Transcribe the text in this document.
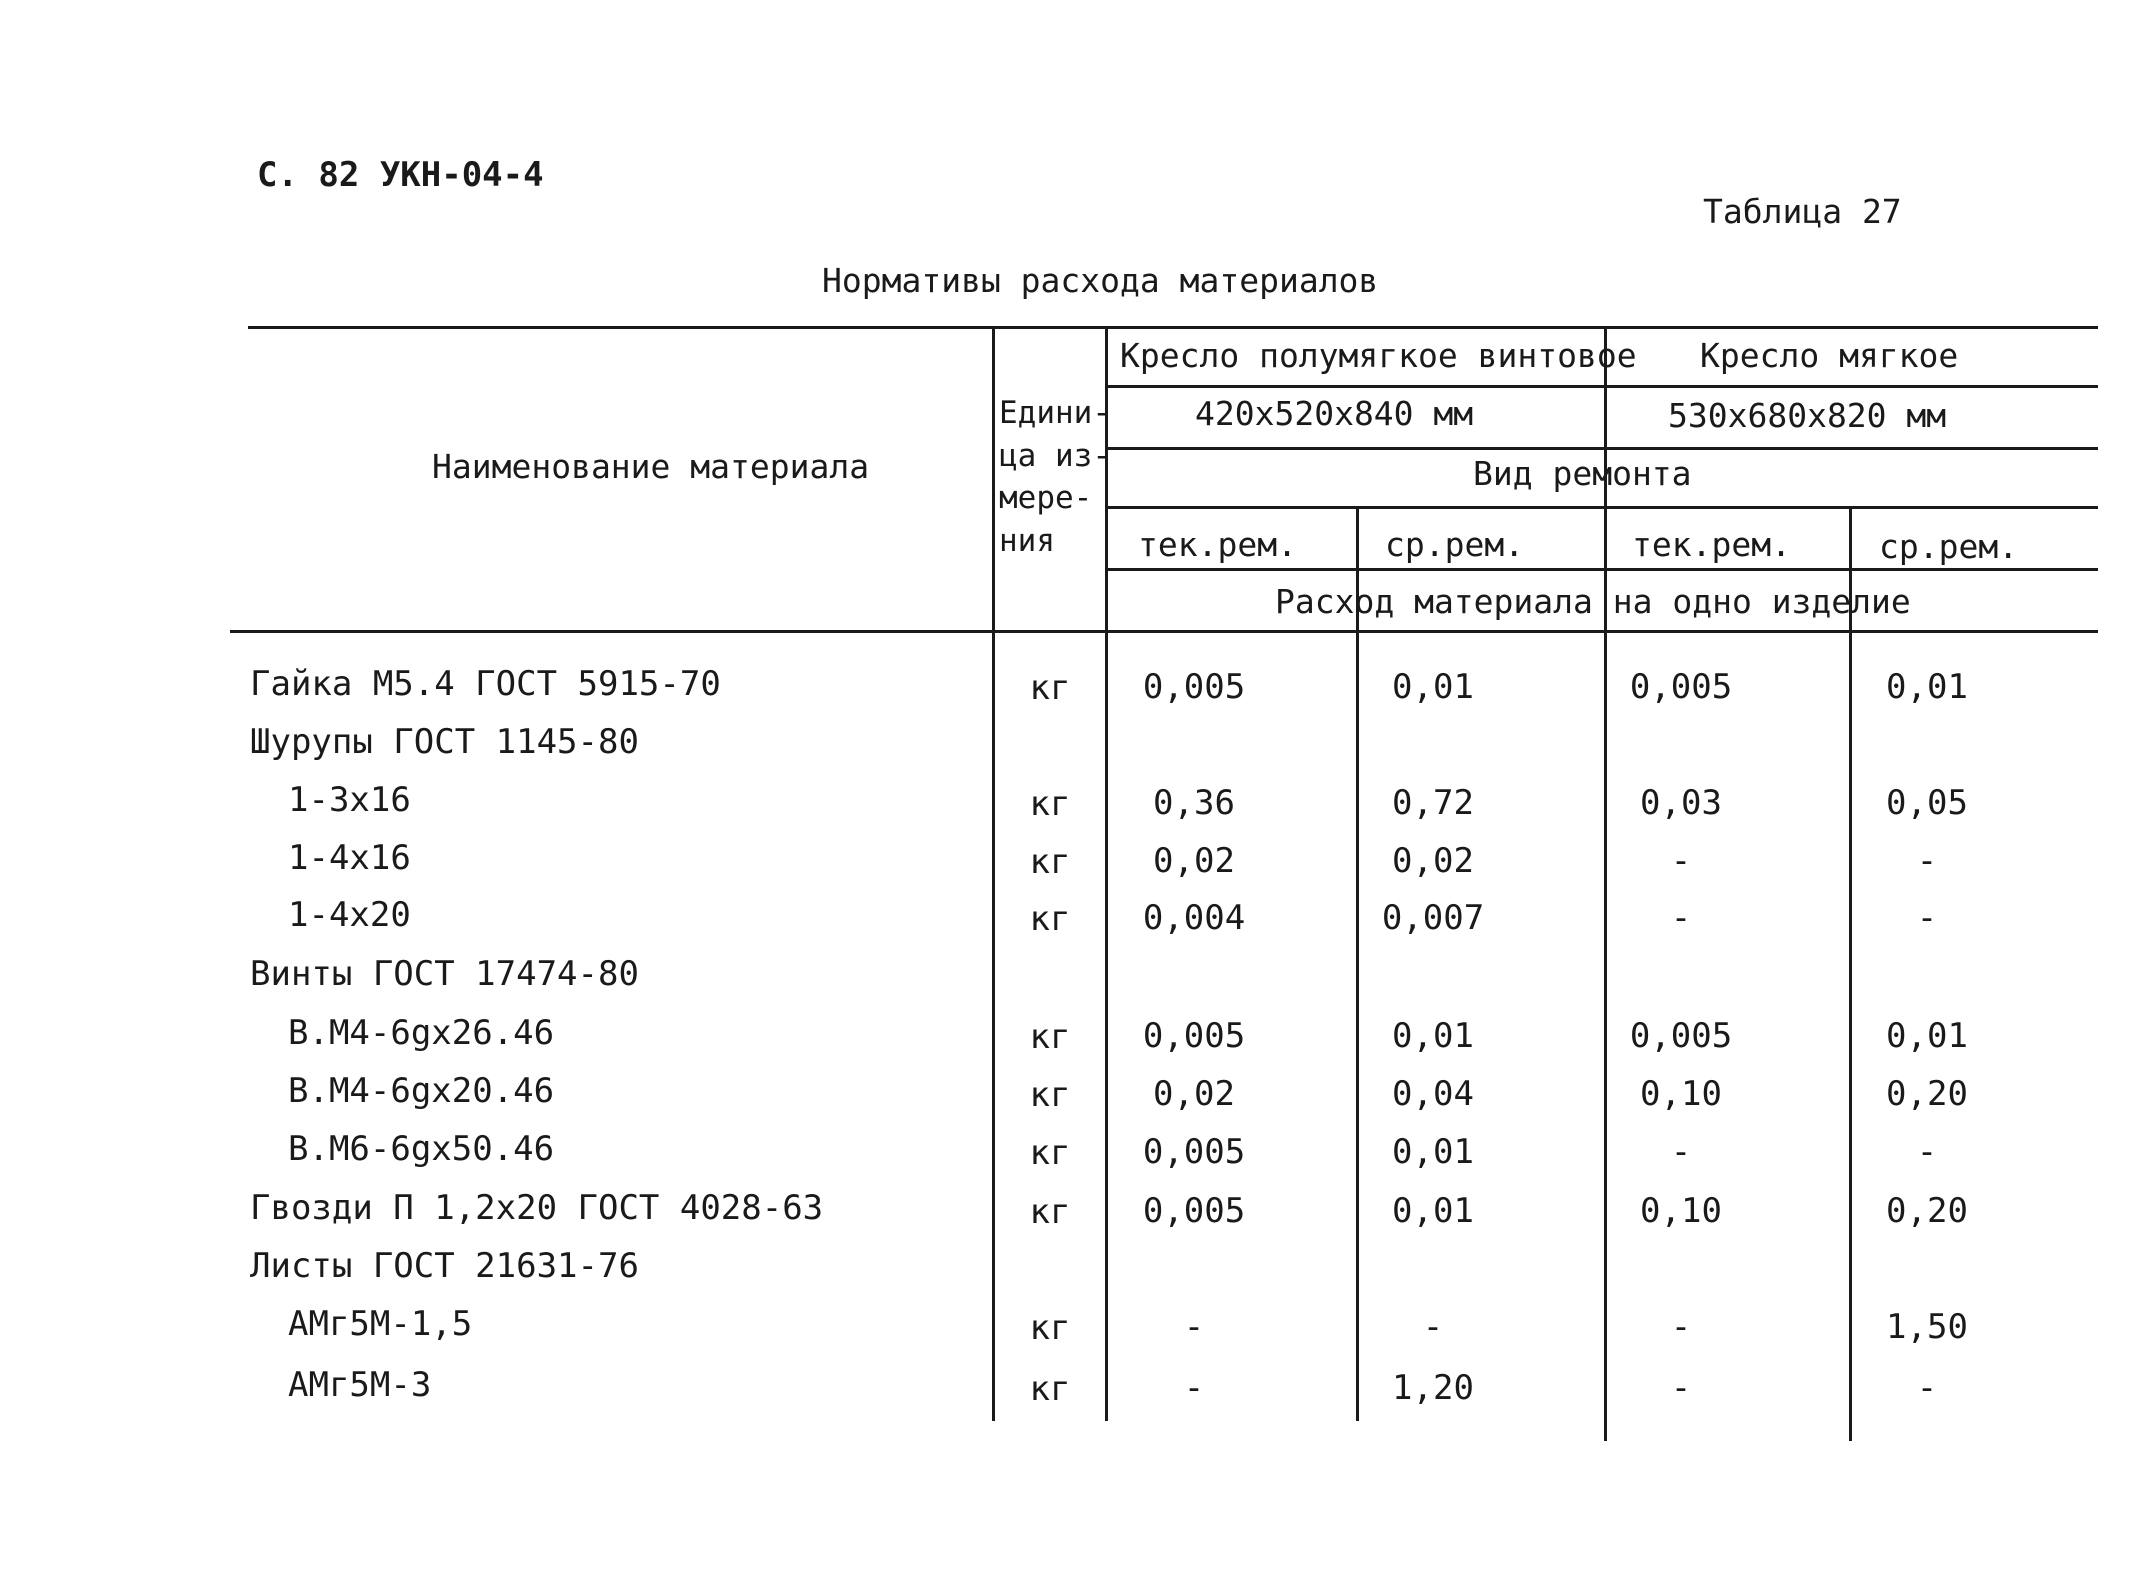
С. 82 УКН-04-4
Таблица 27
Нормативы расхода материалов
Наименование материала
Едини-
ца из-
мере-
ния
Кресло полумягкое винтовое Кресло мягкое
420x520x840 мм	530x680x820 мм
Вид ремонта
тек.рем.	ср.рем.	тек.рем.	ср.рем.
Расход материала на одно изделие
Гайка М5.4 ГОСТ 5915-70	кг	0,005	0,01	0,005	0,01
Шурупы ГОСТ 1145-80
1-3x16	кг	0,36	0,72	0,03	0,05
1-4x16	кг	0,02	0,02	-	-
1-4x20	кг	0,004	0,007	-	-
Винты ГОСТ 17474-80
В.М4-6gx26.46	кг	0,005	0,01	0,005	0,01
В.М4-6gx20.46	кг	0,02	0,04	0,10	0,20
В.М6-6gx50.46	кг	0,005	0,01	-	-
Гвозди П 1,2x20 ГОСТ 4028-63	кг	0,005	0,01	0,10	0,20
Листы ГОСТ 21631-76
АМг5М-1,5	кг	-	-	-	1,50
АМг5М-3	кг	-	1,20	-	-
